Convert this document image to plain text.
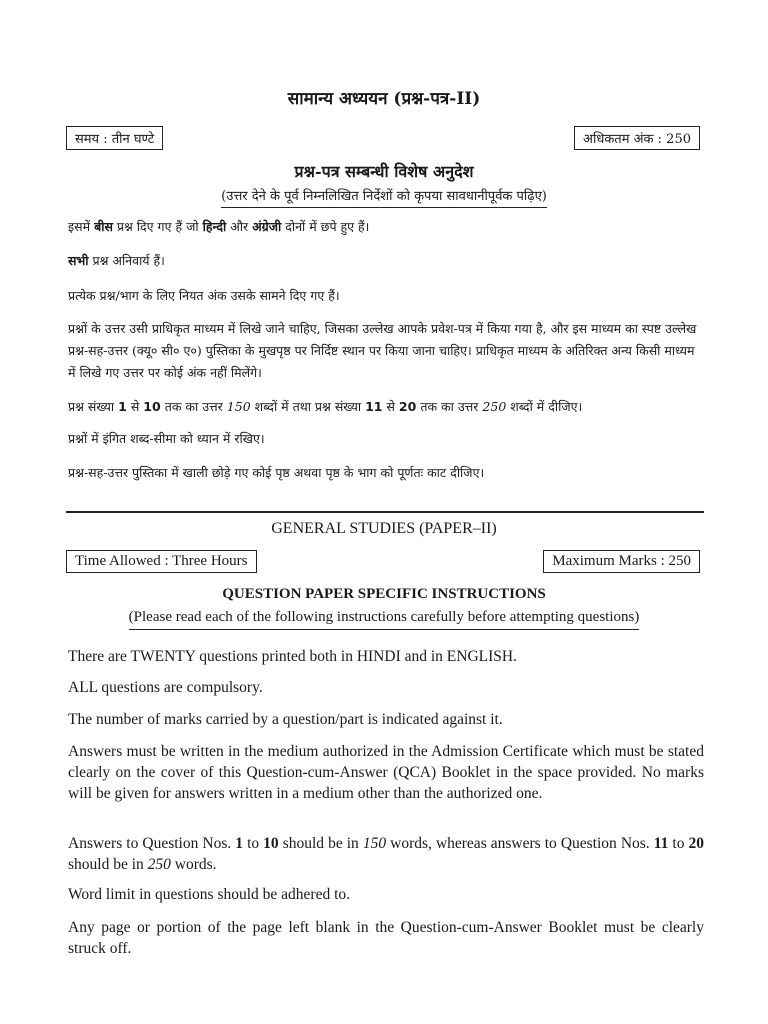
सामान्य अध्ययन (प्रश्न-पत्र-II)
समय : तीन घण्टे	अधिकतम अंक : 250
प्रश्न-पत्र सम्बन्धी विशेष अनुदेश
(उत्तर देने के पूर्व निम्नलिखित निर्देशों को कृपया सावधानीपूर्वक पढ़िए)

इसमें बीस प्रश्न दिए गए हैं जो हिन्दी और अंग्रेजी दोनों में छपे हुए हैं।

सभी प्रश्न अनिवार्य हैं।

प्रत्येक प्रश्न/भाग के लिए नियत अंक उसके सामने दिए गए हैं।

प्रश्नों के उत्तर उसी प्राधिकृत माध्यम में लिखे जाने चाहिए, जिसका उल्लेख आपके प्रवेश-पत्र में किया गया है, और इस माध्यम का स्पष्ट उल्लेख प्रश्न-सह-उत्तर (क्यू० सी० ए०) पुस्तिका के मुखपृष्ठ पर निर्दिष्ट स्थान पर किया जाना चाहिए। प्राधिकृत माध्यम के अतिरिक्त अन्य किसी माध्यम में लिखे गए उत्तर पर कोई अंक नहीं मिलेंगे।

प्रश्न संख्या 1 से 10 तक का उत्तर 150 शब्दों में तथा प्रश्न संख्या 11 से 20 तक का उत्तर 250 शब्दों में दीजिए।

प्रश्नों में इंगित शब्द-सीमा को ध्यान में रखिए।

प्रश्न-सह-उत्तर पुस्तिका में खाली छोड़े गए कोई पृष्ठ अथवा पृष्ठ के भाग को पूर्णतः काट दीजिए।

GENERAL STUDIES (PAPER–II)
Time Allowed : Three Hours	Maximum Marks : 250
QUESTION PAPER SPECIFIC INSTRUCTIONS
(Please read each of the following instructions carefully before attempting questions)

There are TWENTY questions printed both in HINDI and in ENGLISH.

ALL questions are compulsory.

The number of marks carried by a question/part is indicated against it.

Answers must be written in the medium authorized in the Admission Certificate which must be stated clearly on the cover of this Question-cum-Answer (QCA) Booklet in the space provided. No marks will be given for answers written in a medium other than the authorized one.

Answers to Question Nos. 1 to 10 should be in 150 words, whereas answers to Question Nos. 11 to 20 should be in 250 words.

Word limit in questions should be adhered to.

Any page or portion of the page left blank in the Question-cum-Answer Booklet must be clearly struck off.
